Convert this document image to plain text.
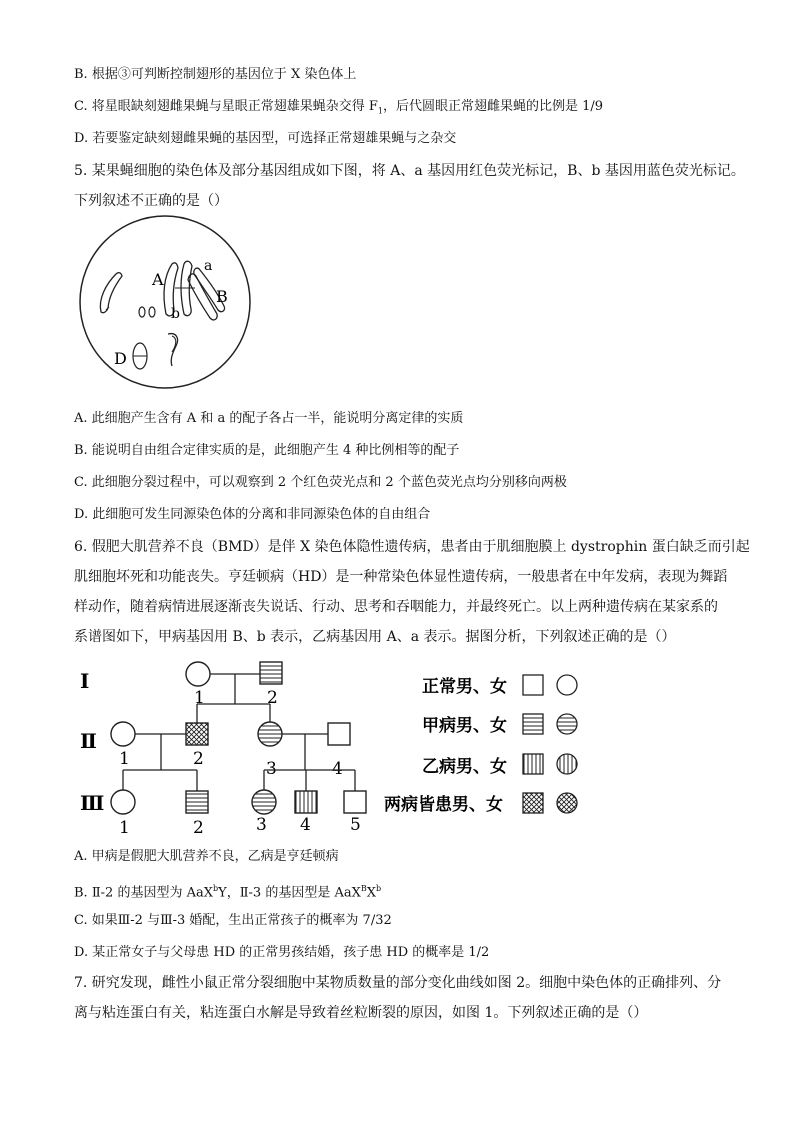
B. 根据③可判断控制翅形的基因位于 X 染色体上
C. 将星眼缺刻翅雌果蝇与星眼正常翅雄果蝇杂交得 $F_1$，后代圆眼正常翅雌果蝇的比例是 1/9
D. 若要鉴定缺刻翅雌果蝇的基因型，可选择正常翅雄果蝇与之杂交
5. 某果蝇细胞的染色体及部分基因组成如下图，将 A、a 基因用红色荧光标记，B、b 基因用蓝色荧光标记。
下列叙述不正确的是（）
A
a
B
b
D
A. 此细胞产生含有 A 和 a 的配子各占一半，能说明分离定律的实质
B. 能说明自由组合定律实质的是，此细胞产生 4 种比例相等的配子
C. 此细胞分裂过程中，可以观察到 2 个红色荧光点和 2 个蓝色荧光点均分别移向两极
D. 此细胞可发生同源染色体的分离和非同源染色体的自由组合
6. 假肥大肌营养不良（BMD）是伴 X 染色体隐性遗传病，患者由于肌细胞膜上 dystrophin 蛋白缺乏而引起
肌细胞坏死和功能丧失。亨廷顿病（HD）是一种常染色体显性遗传病，一般患者在中年发病，表现为舞蹈
样动作，随着病情进展逐渐丧失说话、行动、思考和吞咽能力，并最终死亡。以上两种遗传病在某家系的
系谱图如下，甲病基因用 B、b 表示，乙病基因用 A、a 表示。据图分析，下列叙述正确的是（）
Ⅰ
Ⅱ
Ⅲ
1	2
1	2	3	4
1	2	3 4 5
正常男、女
甲病男、女
乙病男、女
两病皆患男、女
A. 甲病是假肥大肌营养不良，乙病是亨廷顿病
B. Ⅱ-2 的基因型为 AaX$^b$Y，Ⅱ-3 的基因型是 $AaX^BX^b$
C. 如果Ⅲ-2 与Ⅲ-3 婚配，生出正常孩子的概率为 7/32
D. 某正常女子与父母患 HD 的正常男孩结婚，孩子患 HD 的概率是 1/2
7. 研究发现，雌性小鼠正常分裂细胞中某物质数量的部分变化曲线如图 2。细胞中染色体的正确排列、分
离与粘连蛋白有关，粘连蛋白水解是导致着丝粒断裂的原因，如图 1。下列叙述正确的是（）
